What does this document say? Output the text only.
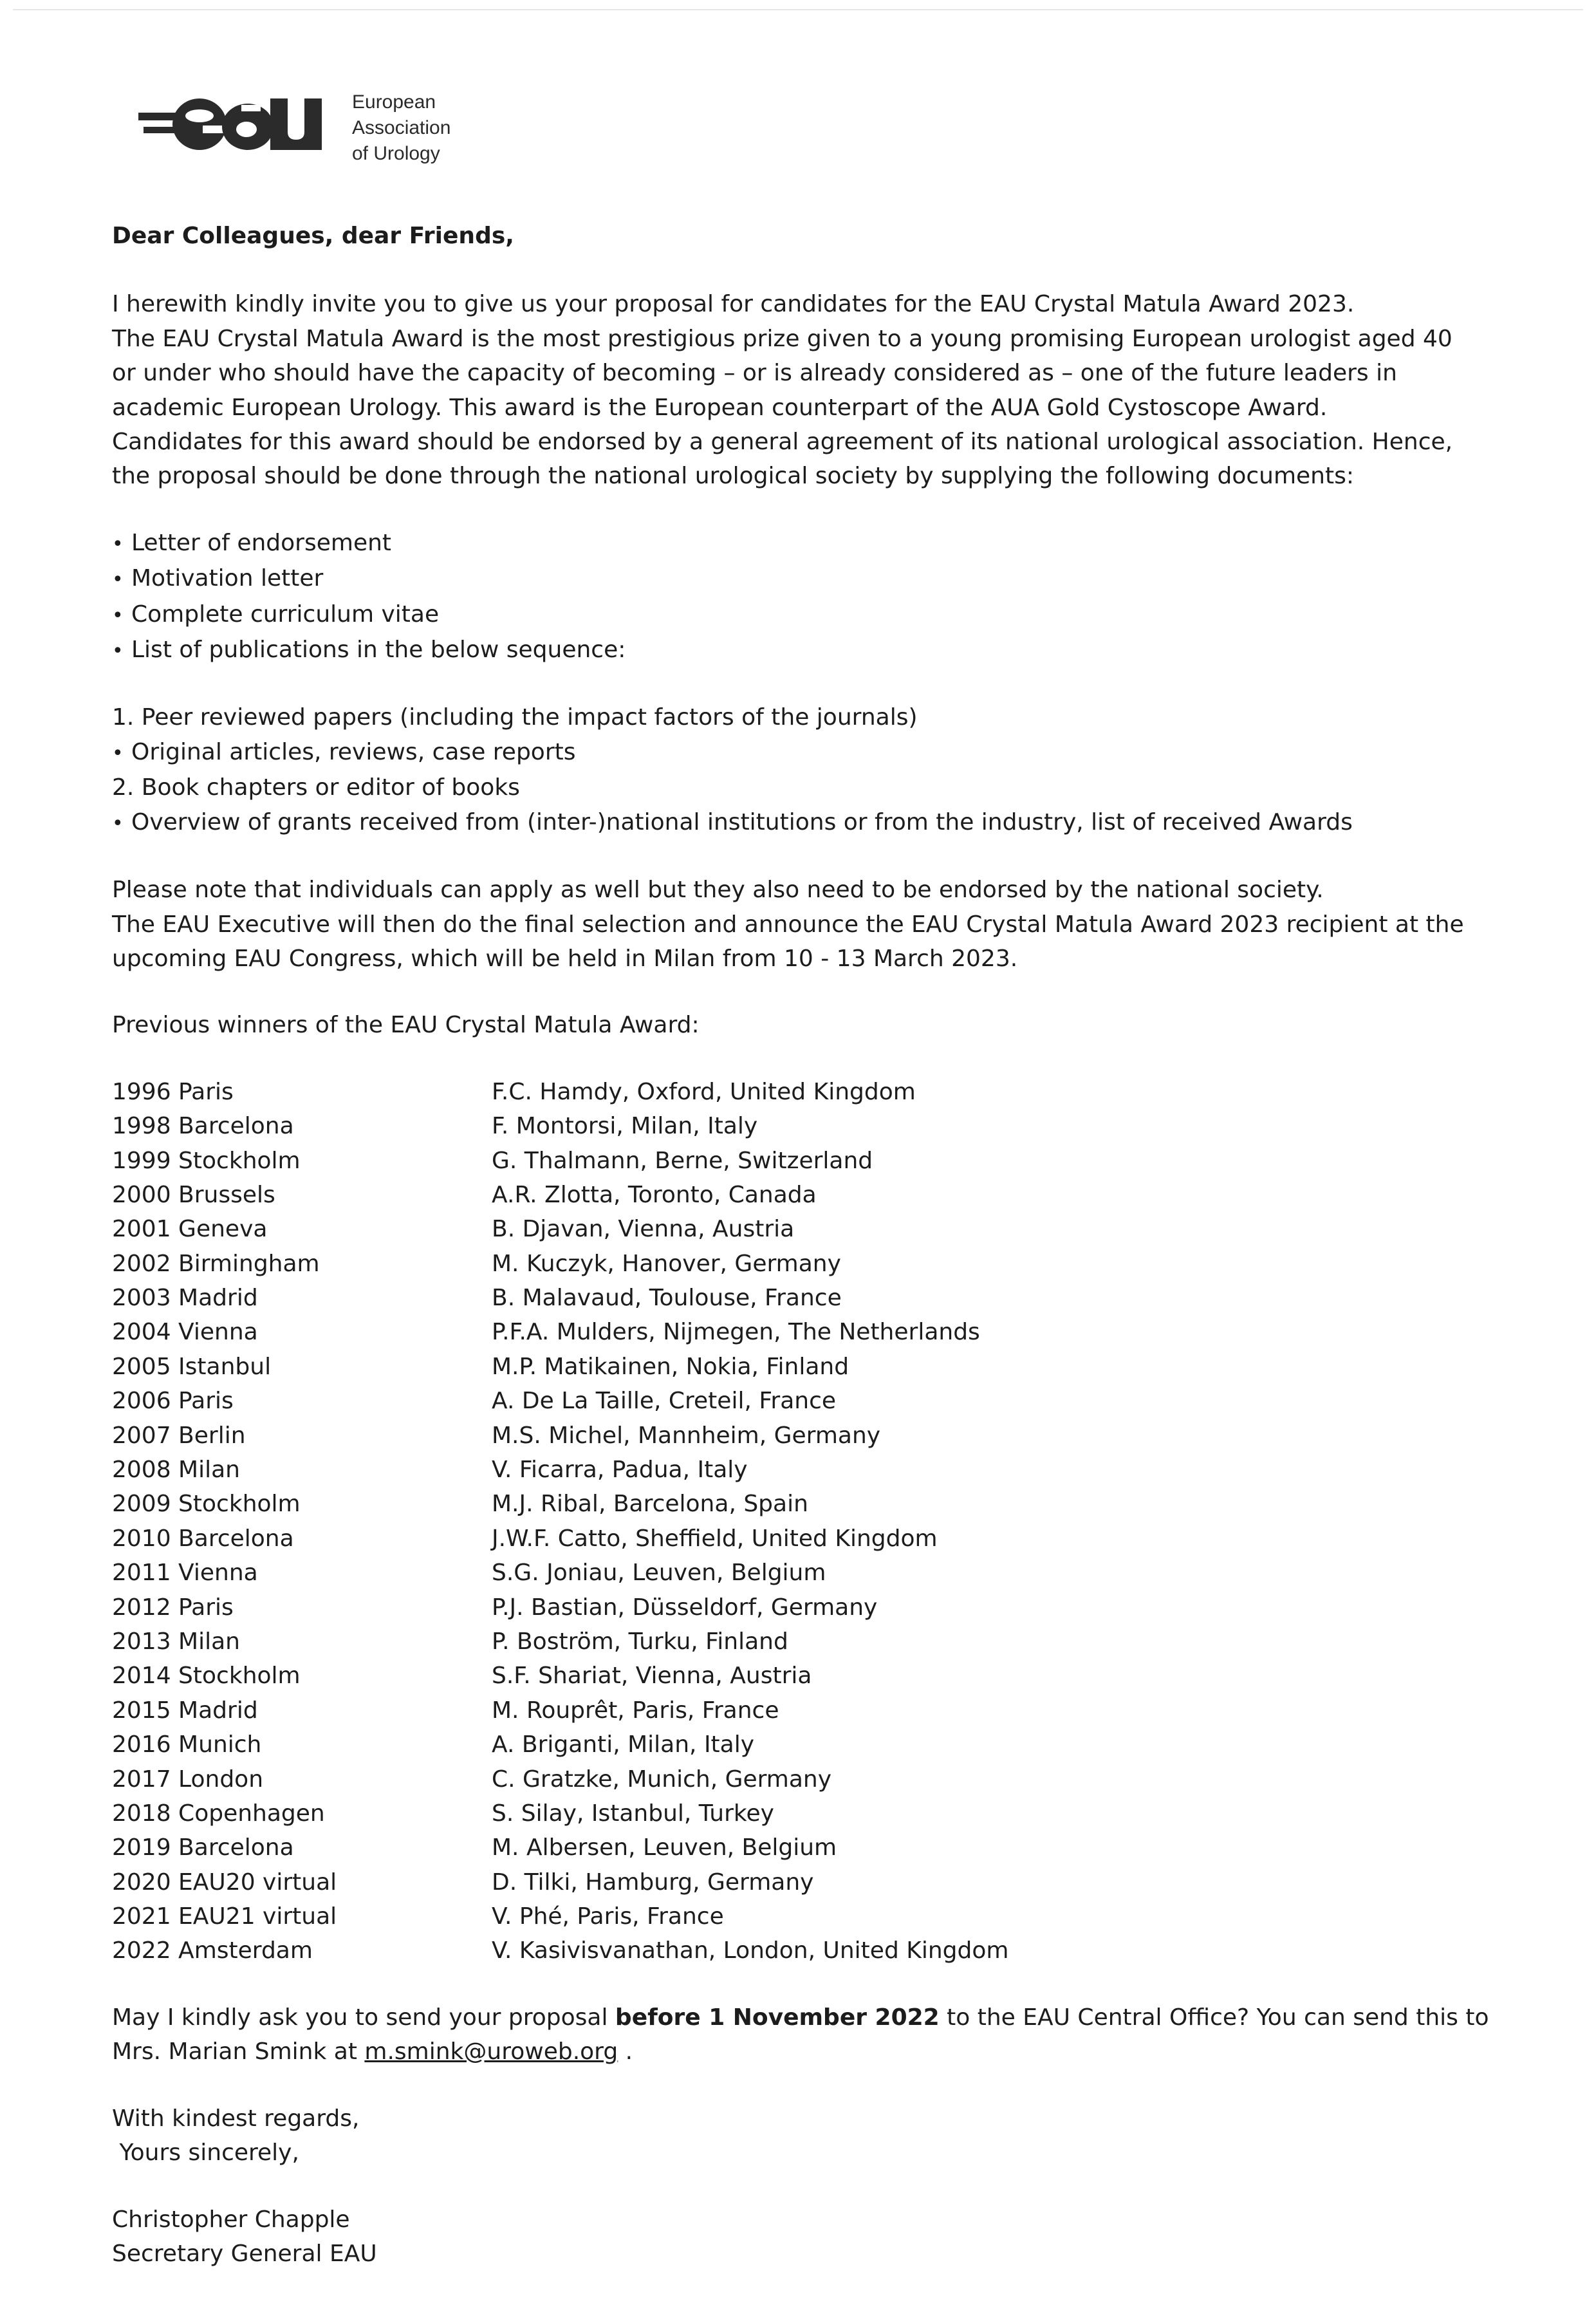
European
Association
of Urology

Dear Colleagues, dear Friends,

I herewith kindly invite you to give us your proposal for candidates for the EAU Crystal Matula Award 2023.

The EAU Crystal Matula Award is the most prestigious prize given to a young promising European urologist aged 40

or under who should have the capacity of becoming – or is already considered as – one of the future leaders in

academic European Urology. This award is the European counterpart of the AUA Gold Cystoscope Award.

Candidates for this award should be endorsed by a general agreement of its national urological association. Hence,

the proposal should be done through the national urological society by supplying the following documents:

• Letter of endorsement
• Motivation letter
• Complete curriculum vitae
• List of publications in the below sequence:
1. Peer reviewed papers (including the impact factors of the journals)
• Original articles, reviews, case reports
2. Book chapters or editor of books
• Overview of grants received from (inter-)national institutions or from the industry, list of received Awards

Please note that individuals can apply as well but they also need to be endorsed by the national society.

The EAU Executive will then do the final selection and announce the EAU Crystal Matula Award 2023 recipient at the

upcoming EAU Congress, which will be held in Milan from 10 - 13 March 2023.

Previous winners of the EAU Crystal Matula Award:

1996 Paris	F.C. Hamdy, Oxford, United Kingdom
1998 Barcelona	F. Montorsi, Milan, Italy
1999 Stockholm	G. Thalmann, Berne, Switzerland
2000 Brussels	A.R. Zlotta, Toronto, Canada
2001 Geneva	B. Djavan, Vienna, Austria
2002 Birmingham	M. Kuczyk, Hanover, Germany
2003 Madrid	B. Malavaud, Toulouse, France
2004 Vienna	P.F.A. Mulders, Nijmegen, The Netherlands
2005 Istanbul	M.P. Matikainen, Nokia, Finland
2006 Paris	A. De La Taille, Creteil, France
2007 Berlin	M.S. Michel, Mannheim, Germany
2008 Milan	V. Ficarra, Padua, Italy
2009 Stockholm	M.J. Ribal, Barcelona, Spain
2010 Barcelona	J.W.F. Catto, Sheffield, United Kingdom
2011 Vienna	S.G. Joniau, Leuven, Belgium
2012 Paris	P.J. Bastian, Düsseldorf, Germany
2013 Milan	P. Boström, Turku, Finland
2014 Stockholm	S.F. Shariat, Vienna, Austria
2015 Madrid	M. Rouprêt, Paris, France
2016 Munich	A. Briganti, Milan, Italy
2017 London	C. Gratzke, Munich, Germany
2018 Copenhagen	S. Silay, Istanbul, Turkey
2019 Barcelona	M. Albersen, Leuven, Belgium
2020 EAU20 virtual	D. Tilki, Hamburg, Germany
2021 EAU21 virtual	V. Phé, Paris, France
2022 Amsterdam	V. Kasivisvanathan, London, United Kingdom

May I kindly ask you to send your proposal before 1 November 2022 to the EAU Central Office? You can send this to

Mrs. Marian Smink at m.smink@uroweb.org .

With kindest regards,

Yours sincerely,

Christopher Chapple

Secretary General EAU
